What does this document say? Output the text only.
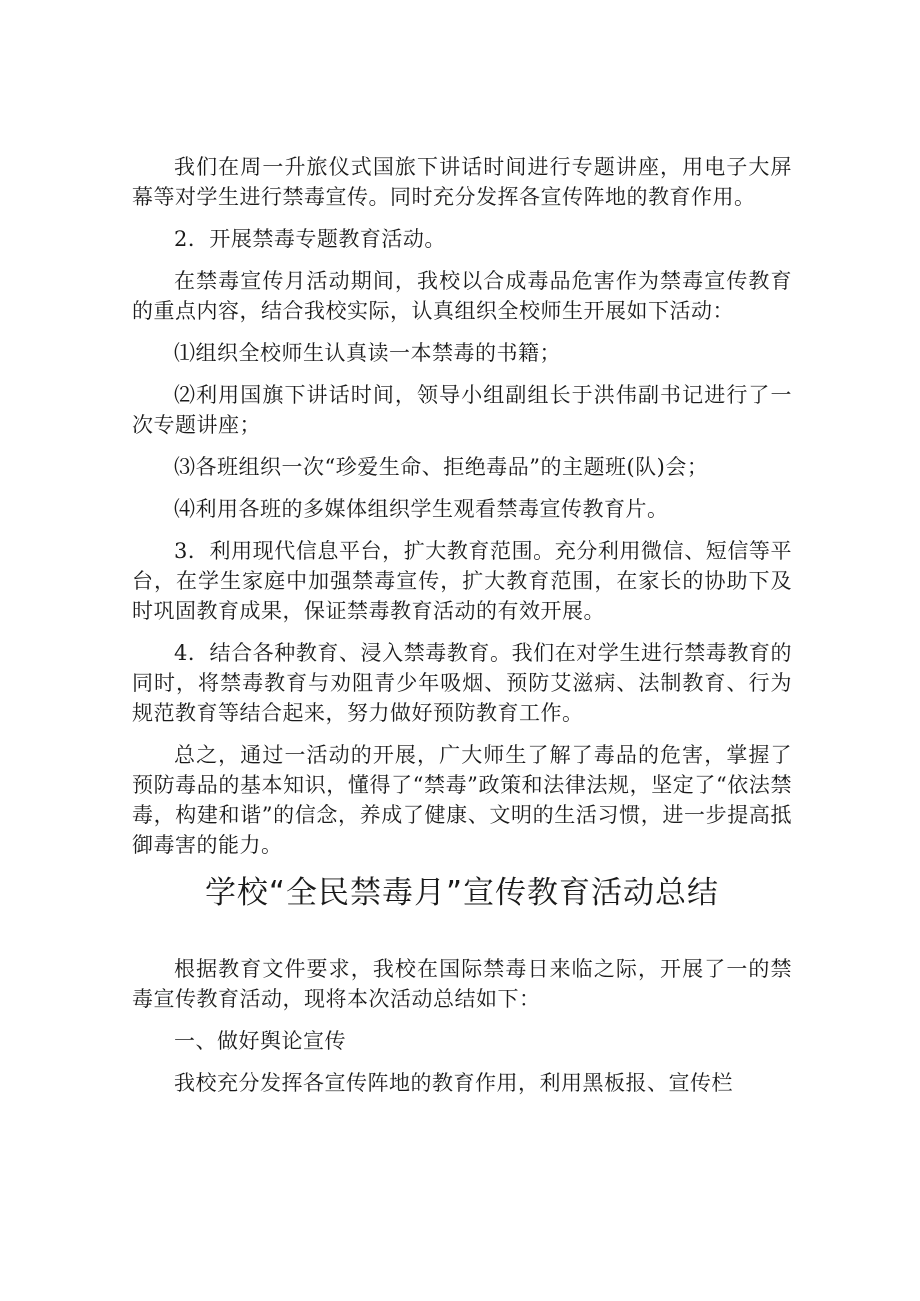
我们在周一升旅仪式国旅下讲话时间进行专题讲座，用电子大屏幕等对学生进行禁毒宣传。同时充分发挥各宣传阵地的教育作用。

2．开展禁毒专题教育活动。

在禁毒宣传月活动期间，我校以合成毒品危害作为禁毒宣传教育的重点内容，结合我校实际，认真组织全校师生开展如下活动：

⑴组织全校师生认真读一本禁毒的书籍；

⑵利用国旗下讲话时间，领导小组副组长于洪伟副书记进行了一次专题讲座；

⑶各班组织一次“珍爱生命、拒绝毒品”的主题班(队)会；

⑷利用各班的多媒体组织学生观看禁毒宣传教育片。

3．利用现代信息平台，扩大教育范围。充分利用微信、短信等平台，在学生家庭中加强禁毒宣传，扩大教育范围，在家长的协助下及时巩固教育成果，保证禁毒教育活动的有效开展。

4．结合各种教育、浸入禁毒教育。我们在对学生进行禁毒教育的同时，将禁毒教育与劝阻青少年吸烟、预防艾滋病、法制教育、行为规范教育等结合起来，努力做好预防教育工作。

总之，通过一活动的开展，广大师生了解了毒品的危害，掌握了预防毒品的基本知识，懂得了“禁毒”政策和法律法规，坚定了“依法禁毒，构建和谐”的信念，养成了健康、文明的生活习惯，进一步提高抵御毒害的能力。

学校“全民禁毒月”宣传教育活动总结

根据教育文件要求，我校在国际禁毒日来临之际，开展了一的禁毒宣传教育活动，现将本次活动总结如下：

一、做好舆论宣传

我校充分发挥各宣传阵地的教育作用，利用黑板报、宣传栏
